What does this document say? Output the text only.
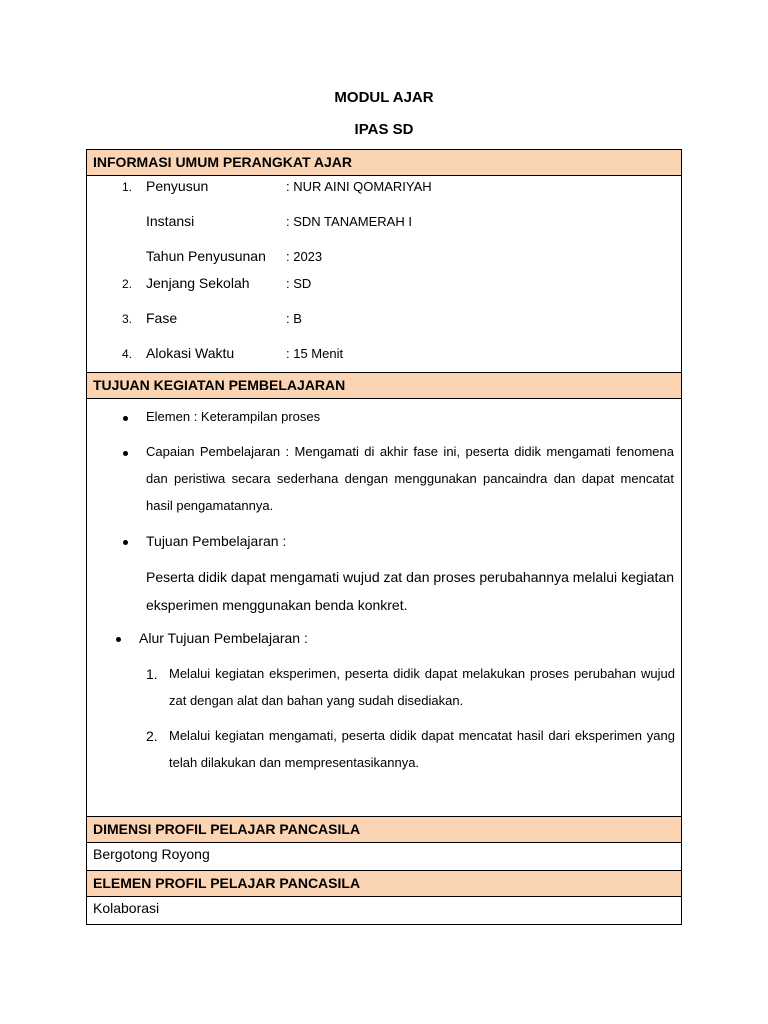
MODUL AJAR
IPAS SD
INFORMASI UMUM PERANGKAT AJAR
1. Penyusun	: NUR AINI QOMARIYAH
Instansi	: SDN TANAMERAH I
Tahun Penyusunan : 2023
2. Jenjang Sekolah	: SD
3. Fase	: B
4. Alokasi Waktu	: 15 Menit
TUJUAN KEGIATAN PEMBELAJARAN
Elemen : Keterampilan proses
Capaian Pembelajaran : Mengamati di akhir fase ini, peserta didik mengamati fenomena dan peristiwa secara sederhana dengan menggunakan pancaindra dan dapat mencatat hasil pengamatannya.
Tujuan Pembelajaran :
Peserta didik dapat mengamati wujud zat dan proses perubahannya melalui kegiatan eksperimen menggunakan benda konkret.
Alur Tujuan Pembelajaran :
1. Melalui kegiatan eksperimen, peserta didik dapat melakukan proses perubahan wujud zat dengan alat dan bahan yang sudah disediakan.
2. Melalui kegiatan mengamati, peserta didik dapat mencatat hasil dari eksperimen yang telah dilakukan dan mempresentasikannya.
DIMENSI PROFIL PELAJAR PANCASILA
Bergotong Royong
ELEMEN PROFIL PELAJAR PANCASILA
Kolaborasi
